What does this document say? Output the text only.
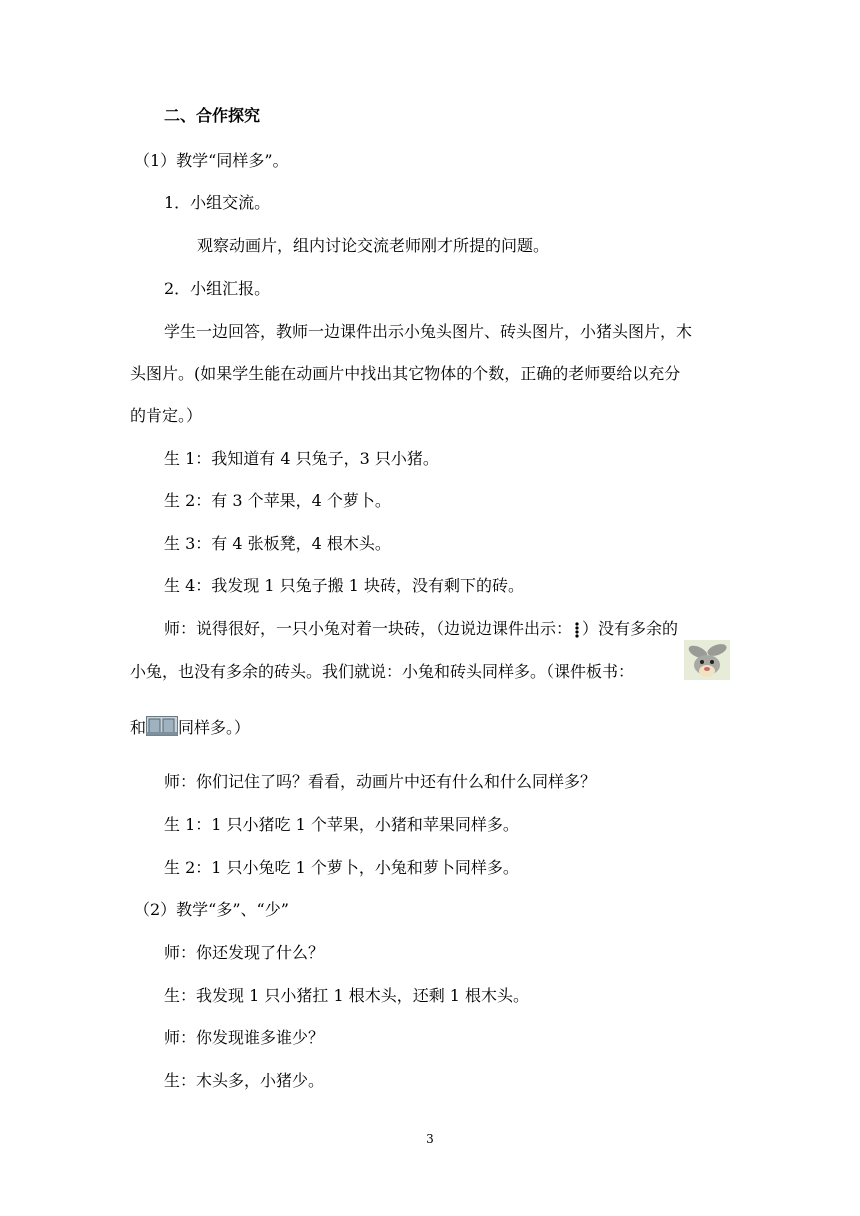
二、合作探究
（1）教学“同样多”。
1．小组交流。
观察动画片，组内讨论交流老师刚才所提的问题。
2．小组汇报。
学生一边回答，教师一边课件出示小兔头图片、砖头图片，小猪头图片，木
头图片。(如果学生能在动画片中找出其它物体的个数，正确的老师要给以充分
的肯定。）
生 1：我知道有 4 只兔子，3 只小猪。
生 2：有 3 个苹果，4 个萝卜。
生 3：有 4 张板凳，4 根木头。
生 4：我发现 1 只兔子搬 1 块砖，没有剩下的砖。
师：说得很好，一只小兔对着一块砖，（边说边课件出示： ）没有多余的
小兔，也没有多余的砖头。我们就说：小兔和砖头同样多。（课件板书：
和 同样多。）
师：你们记住了吗？看看，动画片中还有什么和什么同样多？
生 1：1 只小猪吃 1 个苹果，小猪和苹果同样多。
生 2：1 只小兔吃 1 个萝卜，小兔和萝卜同样多。
（2）教学“多”、“少”
师：你还发现了什么？
生：我发现 1 只小猪扛 1 根木头，还剩 1 根木头。
师：你发现谁多谁少？
生：木头多，小猪少。
3
